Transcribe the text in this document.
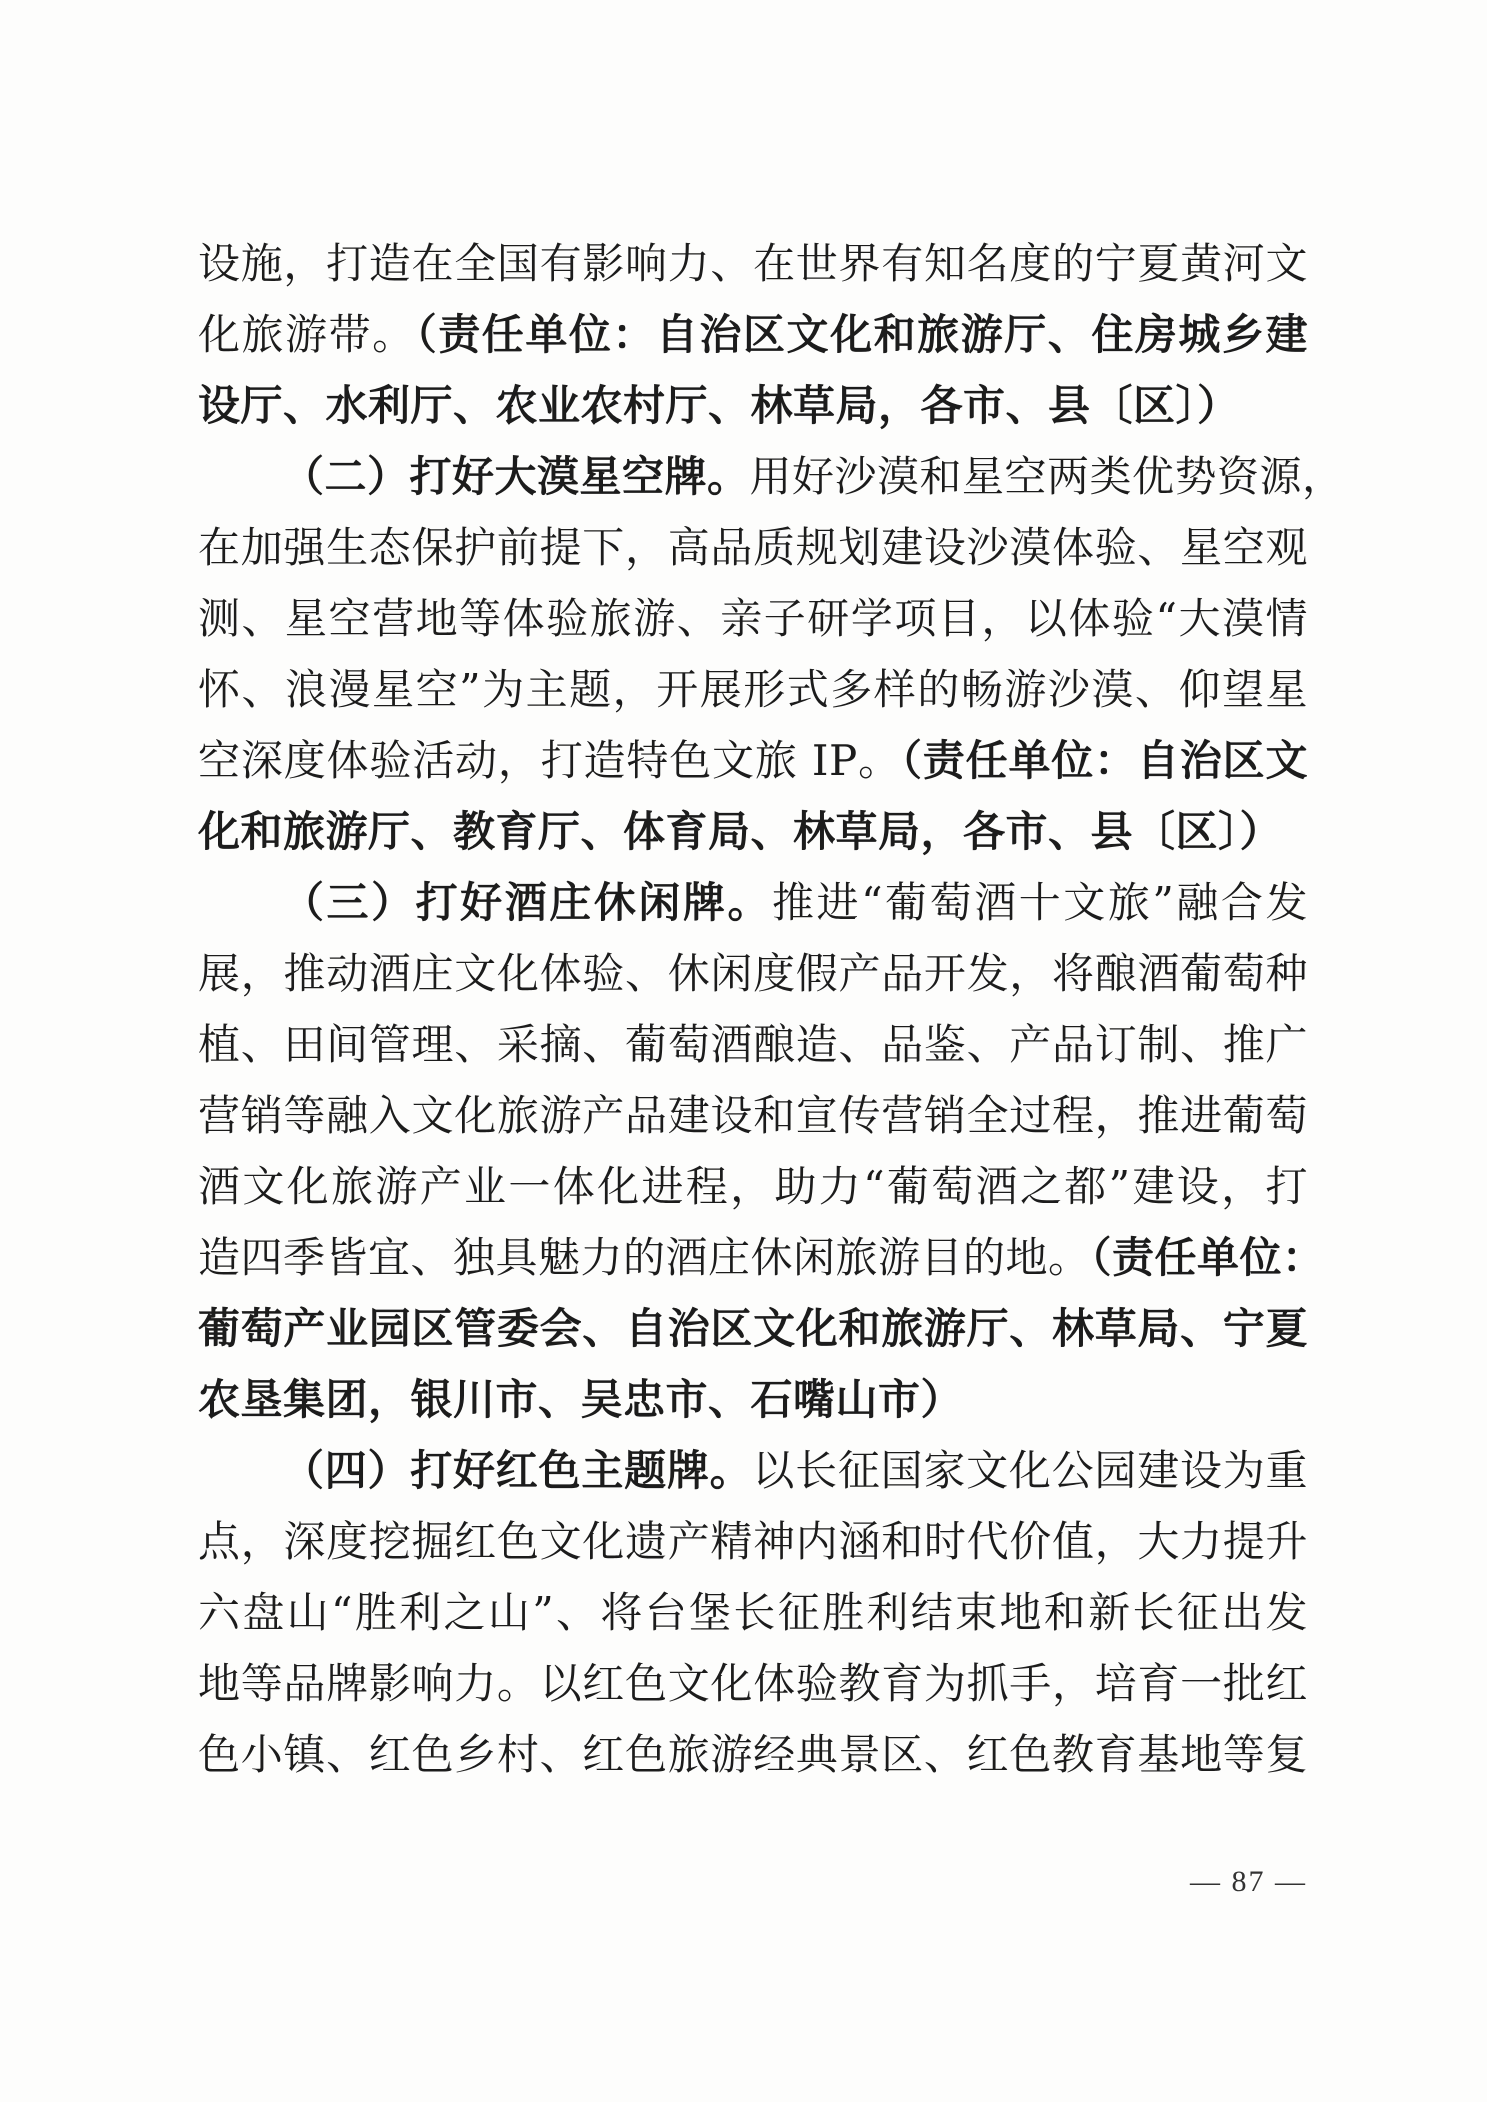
设施，打造在全国有影响力、在世界有知名度的宁夏黄河文
化旅游带。（责任单位：自治区文化和旅游厅、住房城乡建
设厅、水利厅、农业农村厅、林草局，各市、县〔区〕）
（二）打好大漠星空牌。用好沙漠和星空两类优势资源，
在加强生态保护前提下，高品质规划建设沙漠体验、星空观
测、星空营地等体验旅游、亲子研学项目，以体验“大漠情
怀、浪漫星空”为主题，开展形式多样的畅游沙漠、仰望星
空深度体验活动，打造特色文旅 IP。（责任单位：自治区文
化和旅游厅、教育厅、体育局、林草局，各市、县〔区〕）
（三）打好酒庄休闲牌。推进“葡萄酒十文旅”融合发
展，推动酒庄文化体验、休闲度假产品开发，将酿酒葡萄种
植、田间管理、采摘、葡萄酒酿造、品鉴、产品订制、推广
营销等融入文化旅游产品建设和宣传营销全过程，推进葡萄
酒文化旅游产业一体化进程，助力“葡萄酒之都”建设，打
造四季皆宜、独具魅力的酒庄休闲旅游目的地。（责任单位：
葡萄产业园区管委会、自治区文化和旅游厅、林草局、宁夏
农垦集团，银川市、吴忠市、石嘴山市）
（四）打好红色主题牌。以长征国家文化公园建设为重
点，深度挖掘红色文化遗产精神内涵和时代价值，大力提升
六盘山“胜利之山”、将台堡长征胜利结束地和新长征出发
地等品牌影响力。以红色文化体验教育为抓手，培育一批红
色小镇、红色乡村、红色旅游经典景区、红色教育基地等复
— 87 —
